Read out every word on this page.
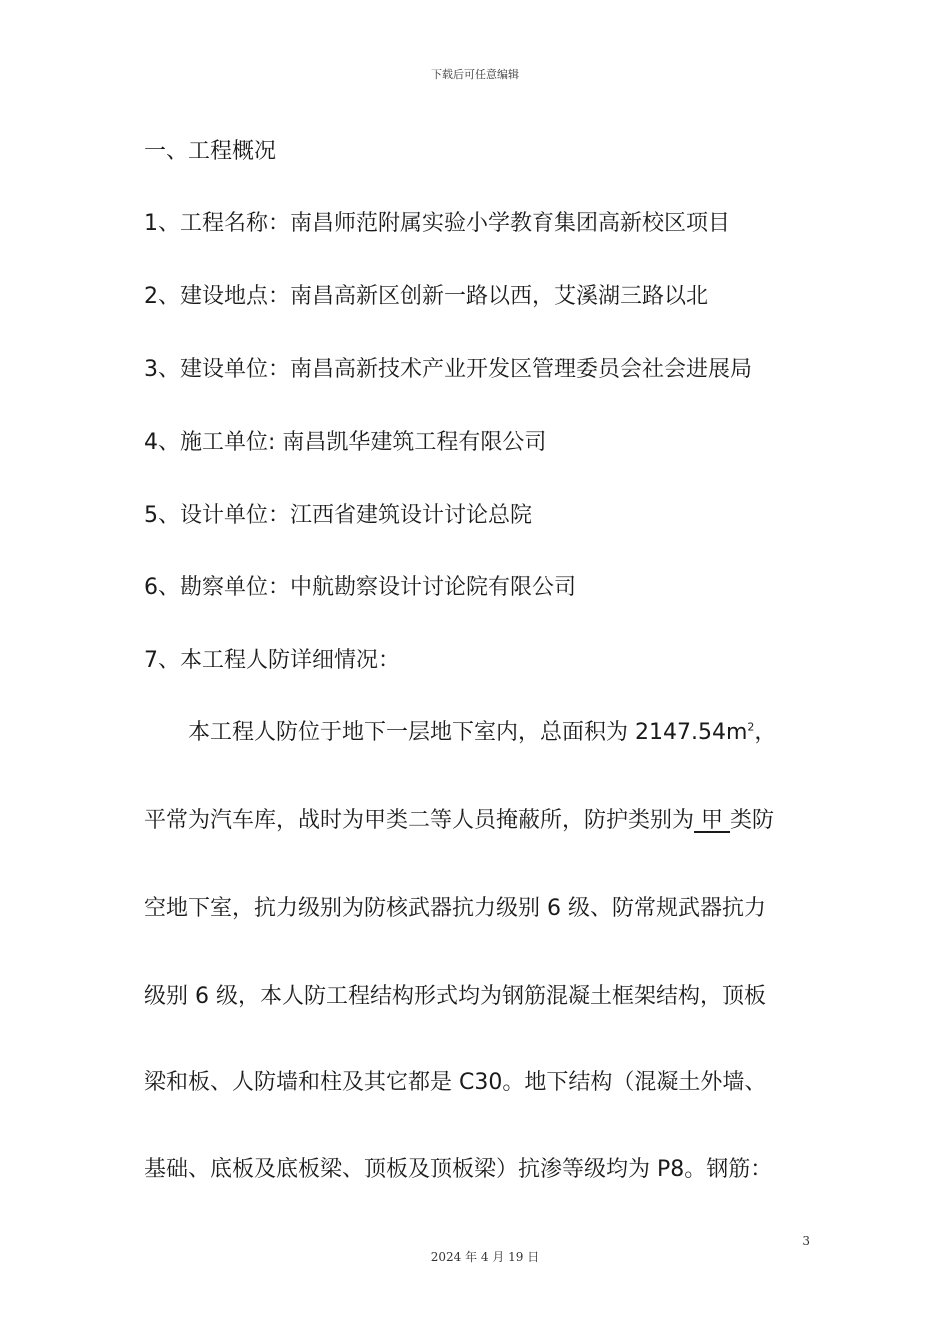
下载后可任意编辑
一、工程概况
1、工程名称：南昌师范附属实验小学教育集团高新校区项目
2、建设地点：南昌高新区创新一路以西，艾溪湖三路以北
3、建设单位：南昌高新技术产业开发区管理委员会社会进展局
4、施工单位: 南昌凯华建筑工程有限公司
5、设计单位：江西省建筑设计讨论总院
6、勘察单位：中航勘察设计讨论院有限公司
7、本工程人防详细情况：
本工程人防位于地下一层地下室内，总面积为 $2147.54m^2$，
平常为汽车库，战时为甲类二等人员掩蔽所，防护类别为 甲 类防
空地下室，抗力级别为防核武器抗力级别 6 级、防常规武器抗力
级别 6 级，本人防工程结构形式均为钢筋混凝土框架结构，顶板
梁和板、人防墙和柱及其它都是 C30。地下结构（混凝土外墙、
基础、底板及底板梁、顶板及顶板梁）抗渗等级均为 P8。钢筋：
3
2024 年 4 月 19 日
